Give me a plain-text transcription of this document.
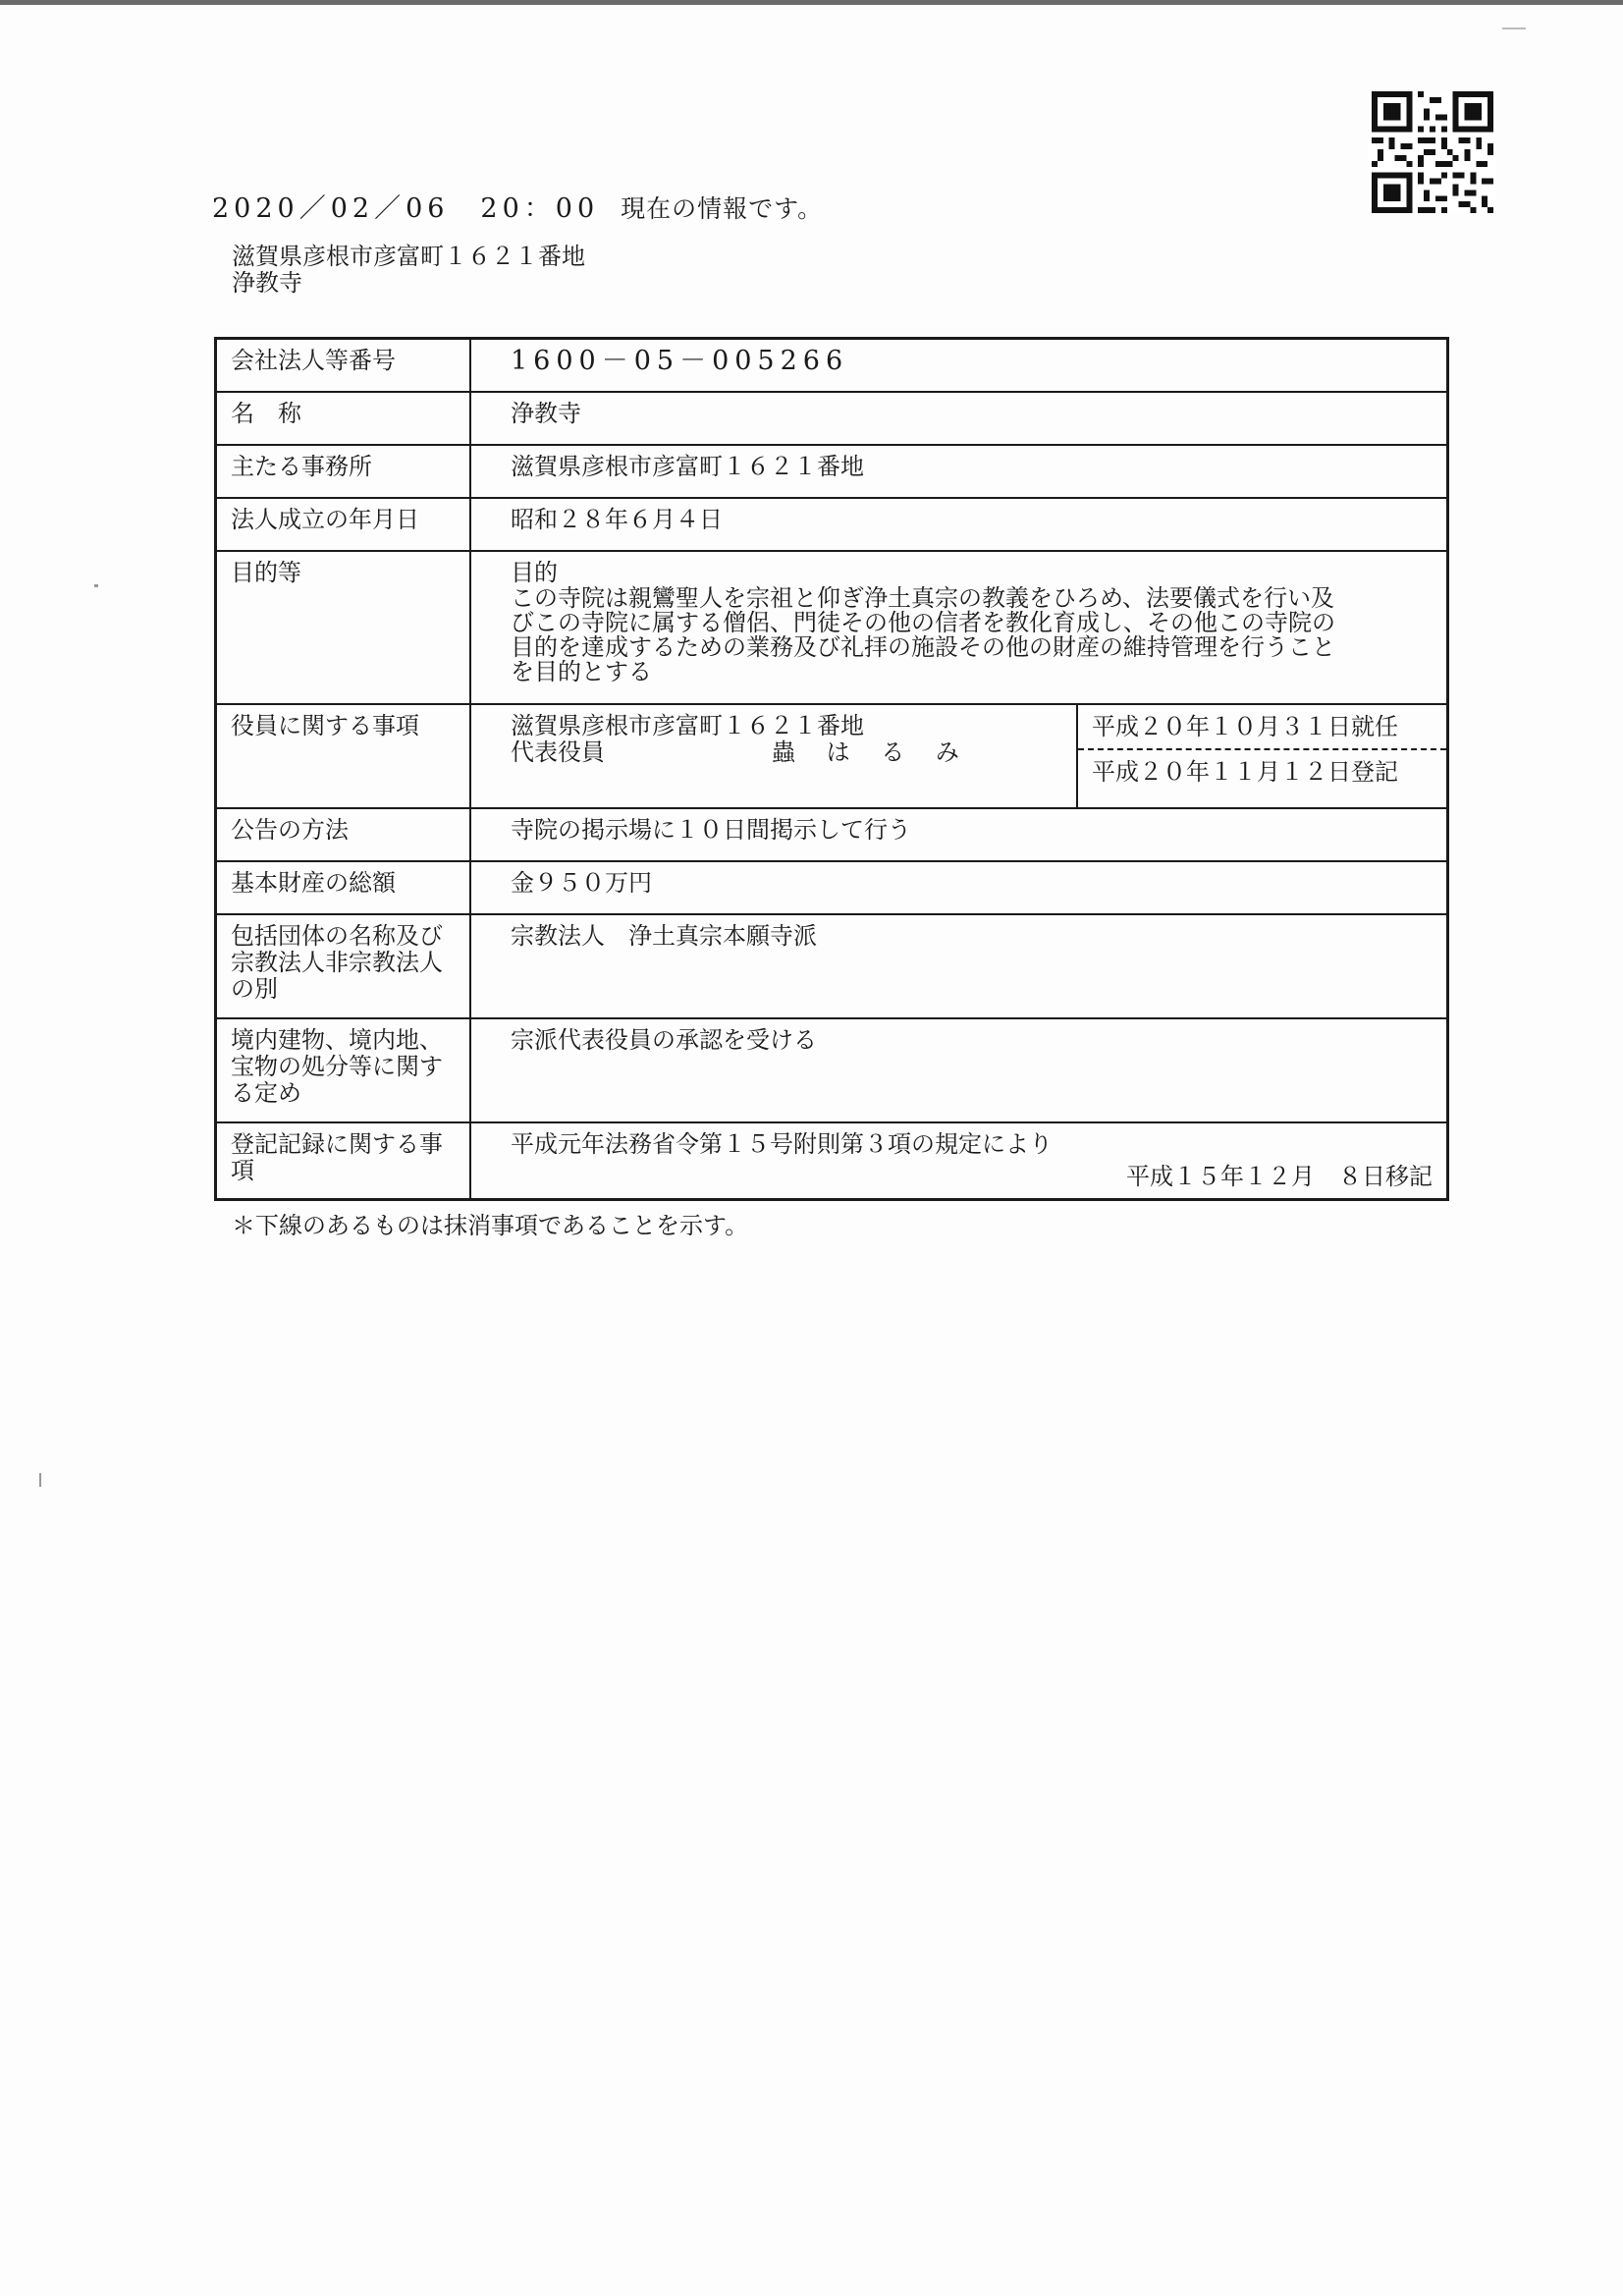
2020／02／06　20：00 現在の情報です。
滋賀県彦根市彦富町１６２１番地
浄教寺
会社法人等番号	1600－05－005266
名　称	浄教寺
主たる事務所	滋賀県彦根市彦富町１６２１番地
法人成立の年月日	昭和２８年６月４日
目的等	目的
この寺院は親鸞聖人を宗祖と仰ぎ浄土真宗の教義をひろめ、法要儀式を行い及
びこの寺院に属する僧侶、門徒その他の信者を教化育成し、その他この寺院の
目的を達成するための業務及び礼拝の施設その他の財産の維持管理を行うこと
を目的とする

役員に関する事項	滋賀県彦根市彦富町１６２１番地
代表役員 蟲 は る み
平成２０年１０月３１日就任
平成２０年１１月１２日登記

公告の方法	寺院の掲示場に１０日間掲示して行う
基本財産の総額	金９５０万円
包括団体の名称及び宗教法人非宗教法人の別	宗教法人　浄土真宗本願寺派
境内建物、境内地、宝物の処分等に関する定め	宗派代表役員の承認を受ける
登記記録に関する事項	平成元年法務省令第１５号附則第３項の規定により
平成１５年１２月　８日移記
＊下線のあるものは抹消事項であることを示す。
